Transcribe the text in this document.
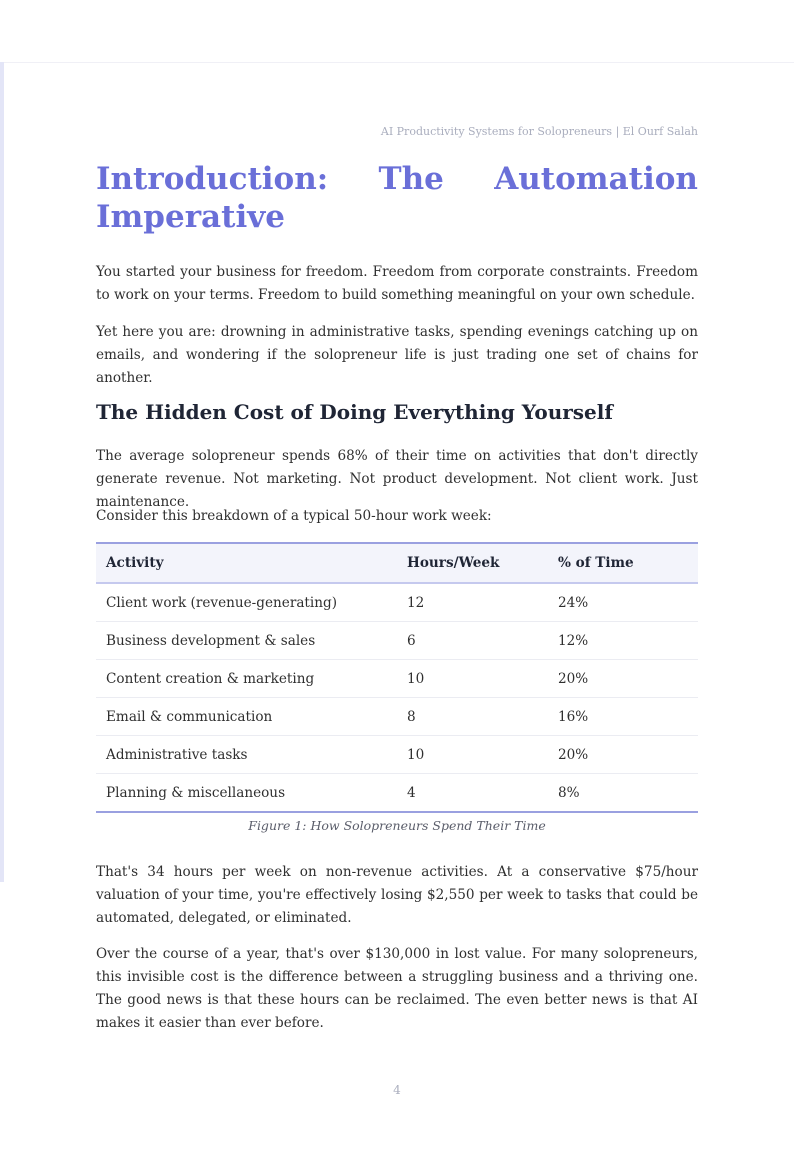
AI Productivity Systems for Solopreneurs | El Ourf Salah
Introduction: The Automation
Imperative

You started your business for freedom. Freedom from corporate constraints. Freedom to work on your terms. Freedom to build something meaningful on your own schedule.

Yet here you are: drowning in administrative tasks, spending evenings catching up on emails, and wondering if the solopreneur life is just trading one set of chains for another.

The Hidden Cost of Doing Everything Yourself

The average solopreneur spends 68% of their time on activities that don't directly generate revenue. Not marketing. Not product development. Not client work. Just maintenance.

Consider this breakdown of a typical 50-hour work week:

Activity	Hours/Week	% of Time
Client work (revenue-generating)	12	24%
Business development & sales	6	12%
Content creation & marketing	10	20%
Email & communication	8	16%
Administrative tasks	10	20%
Planning & miscellaneous	4	8%
Figure 1: How Solopreneurs Spend Their Time

That's 34 hours per week on non-revenue activities. At a conservative $75/hour valuation of your time, you're effectively losing $2,550 per week to tasks that could be automated, delegated, or eliminated.

Over the course of a year, that's over $130,000 in lost value. For many solopreneurs, this invisible cost is the difference between a struggling business and a thriving one. The good news is that these hours can be reclaimed. The even better news is that AI makes it easier than ever before.

4
